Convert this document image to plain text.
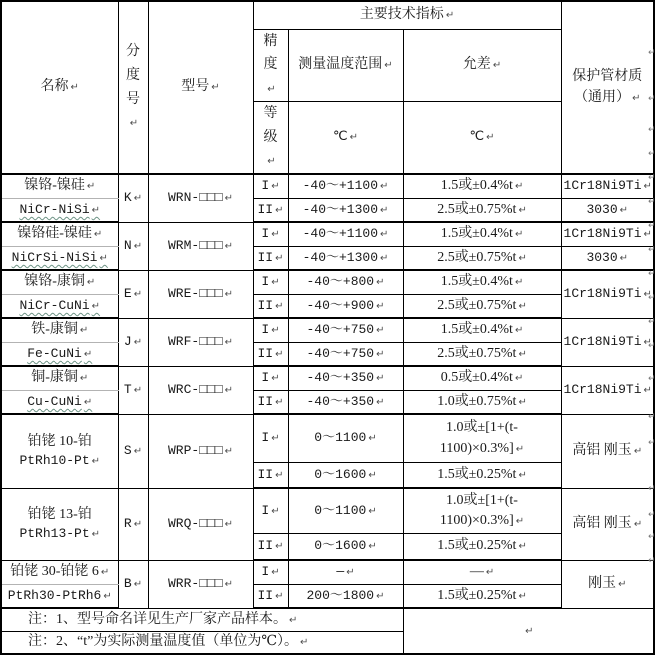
名称 ↵	分度号 ↵	型号 ↵	主要技术指标 ↵			保护管材质
（通用） ↵

			精度 ↵	测量温度范围 ↵	允差 ↵

			等级 ↵	℃ ↵	℃ ↵
镍铬-镍硅 ↵	K ↵	WRN-□□□ ↵	I ↵	-40～+1100 ↵	1.5或±0.4%t ↵	1Cr18Ni9Ti ↵
NiCr-NiSi ↵			II ↵	-40～+1300 ↵	2.5或±0.75%t ↵	3030 ↵
镍铬硅-镍硅 ↵	N ↵	WRM-□□□ ↵	I ↵	-40～+1100 ↵	1.5或±0.4%t ↵	1Cr18Ni9Ti ↵
NiCrSi-NiSi ↵			II ↵	-40～+1300 ↵	2.5或±0.75%t ↵	3030 ↵
镍铬-康铜 ↵	E ↵	WRE-□□□ ↵	I ↵	-40～+800 ↵	1.5或±0.4%t ↵	1Cr18Ni9Ti ↵
NiCr-CuNi ↵			II ↵	-40～+900 ↵	2.5或±0.75%t ↵
铁-康铜 ↵	J ↵	WRF-□□□ ↵	I ↵	-40～+750 ↵	1.5或±0.4%t ↵	1Cr18Ni9Ti ↵
Fe-CuNi ↵			II ↵	-40～+750 ↵	2.5或±0.75%t ↵
铜-康铜 ↵	T ↵	WRC-□□□ ↵	I ↵	-40～+350 ↵	0.5或±0.4%t ↵	1Cr18Ni9Ti ↵
Cu-CuNi ↵			II ↵	-40～+350 ↵	1.0或±0.75%t ↵

铂铑 10-铂
PtRh10-Pt ↵	S ↵	WRP-□□□ ↵	I ↵	0～1100 ↵	1.0或±[1+(t-1100)×0.3%] ↵	高铝 刚玉 ↵
			II ↵	0～1600 ↵	1.5或±0.25%t ↵

铂铑 13-铂
PtRh13-Pt ↵	R ↵	WRQ-□□□ ↵	I ↵	0～1100 ↵	1.0或±[1+(t-1100)×0.3%] ↵	高铝 刚玉 ↵
			II ↵	0～1600 ↵	1.5或±0.25%t ↵
铂铑 30-铂铑 6 ↵	B ↵	WRR-□□□ ↵	I ↵	— ↵	— ↵	刚玉 ↵
PtRh30-PtRh6 ↵			II ↵	200～1800 ↵	1.5或±0.25%t ↵
注：1、型号命名详见生产厂家产品样本。 ↵	↵
注：2、“t”为实际测量温度值（单位为℃）。 ↵
↵
↵
↵
↵
↵
↵
↵
↵
↵
↵
↵
↵
↵
↵
↵
↵
↵
↵
↵
